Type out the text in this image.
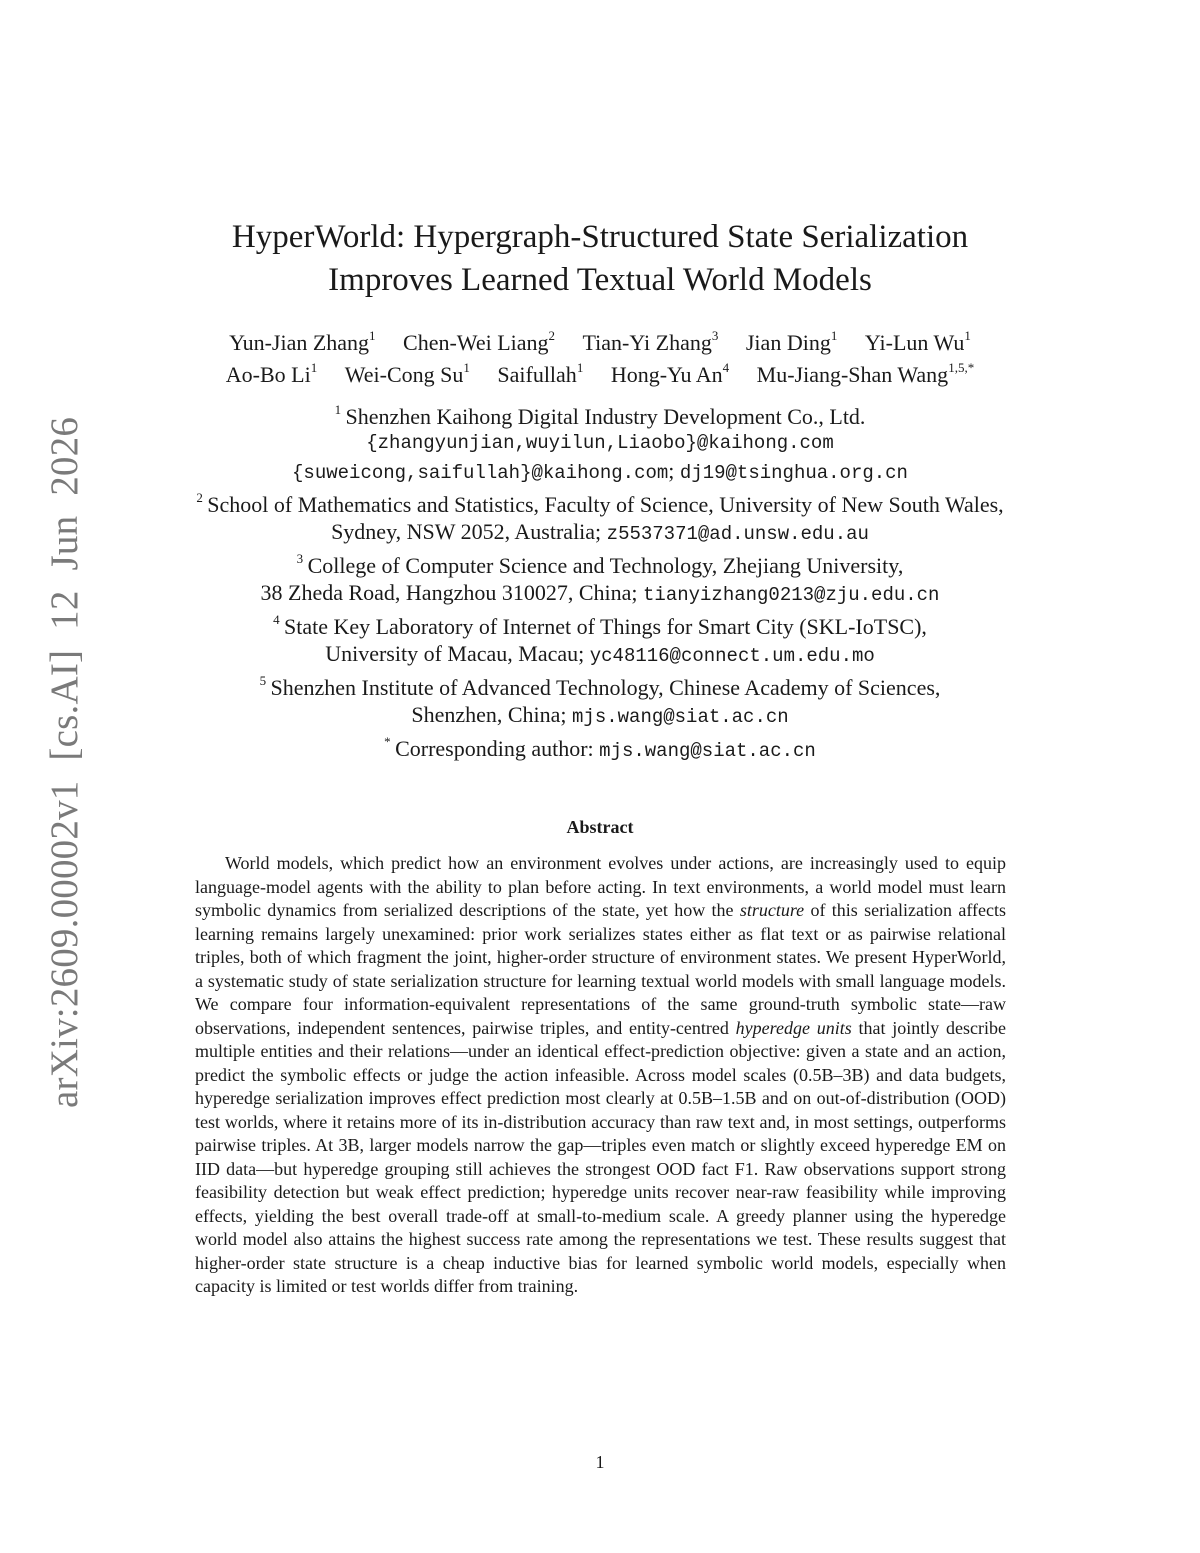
arXiv:2609.00002v1 [cs.AI] 12 Jun 2026
HyperWorld: Hypergraph-Structured State Serialization
Improves Learned Textual World Models
Yun-Jian Zhang$^1$ Chen-Wei Liang$^2$ Tian-Yi Zhang$^3$ Jian Ding$^1$ Yi-Lun Wu$^1$
Ao-Bo Li$^1$ Wei-Cong Su$^1$ Saifullah$^1$ Hong-Yu An$^4$ Mu-Jiang-Shan Wang$^{1,5,*}$
$^1$  Shenzhen Kaihong Digital Industry Development Co., Ltd.
{zhangyunjian,wuyilun,Liaobo}@kaihong.com
{suweicong,saifullah}@kaihong.com; dj19@tsinghua.org.cn
$^2$  School of Mathematics and Statistics, Faculty of Science, University of New South Wales,
Sydney, NSW 2052, Australia; z5537371@ad.unsw.edu.au
$^3$  College of Computer Science and Technology, Zhejiang University,
38 Zheda Road, Hangzhou 310027, China; tianyizhang0213@zju.edu.cn
$^4$  State Key Laboratory of Internet of Things for Smart City (SKL-IoTSC),
University of Macau, Macau; yc48116@connect.um.edu.mo
$^5$  Shenzhen Institute of Advanced Technology, Chinese Academy of Sciences,
Shenzhen, China; mjs.wang@siat.ac.cn
*  Corresponding author: mjs.wang@siat.ac.cn
Abstract

World models, which predict how an environment evolves under actions, are increasingly used to equip language-model agents with the ability to plan before acting. In text environments, a world model must learn symbolic dynamics from serialized descriptions of the state, yet how the structure of this serialization affects learning remains largely unexamined: prior work serializes states either as flat text or as pairwise relational triples, both of which fragment the joint, higher-order structure of environment states. We present HyperWorld, a systematic study of state serialization structure for learning textual world models with small language models. We compare four information-equivalent representations of the same ground-truth symbolic state—raw observations, independent sentences, pairwise triples, and entity-centred hyperedge units that jointly describe multiple entities and their relations—under an identical effect-prediction objective: given a state and an action, predict the symbolic effects or judge the action infeasible. Across model scales (0.5B–3B) and data budgets, hyperedge serialization improves effect prediction most clearly at 0.5B–1.5B and on out-of-distribution (OOD) test worlds, where it retains more of its in-distribution accuracy than raw text and, in most settings, outperforms pairwise triples. At 3B, larger models narrow the gap—triples even match or slightly exceed hyperedge EM on IID data—but hyperedge grouping still achieves the strongest OOD fact F1. Raw observations support strong feasibility detection but weak effect prediction; hyperedge units recover near-raw feasibility while improving effects, yielding the best overall trade-off at small-to-medium scale. A greedy planner using the hyperedge world model also attains the highest success rate among the representations we test. These results suggest that higher-order state structure is a cheap inductive bias for learned symbolic world models, especially when capacity is limited or test worlds differ from training.

1
